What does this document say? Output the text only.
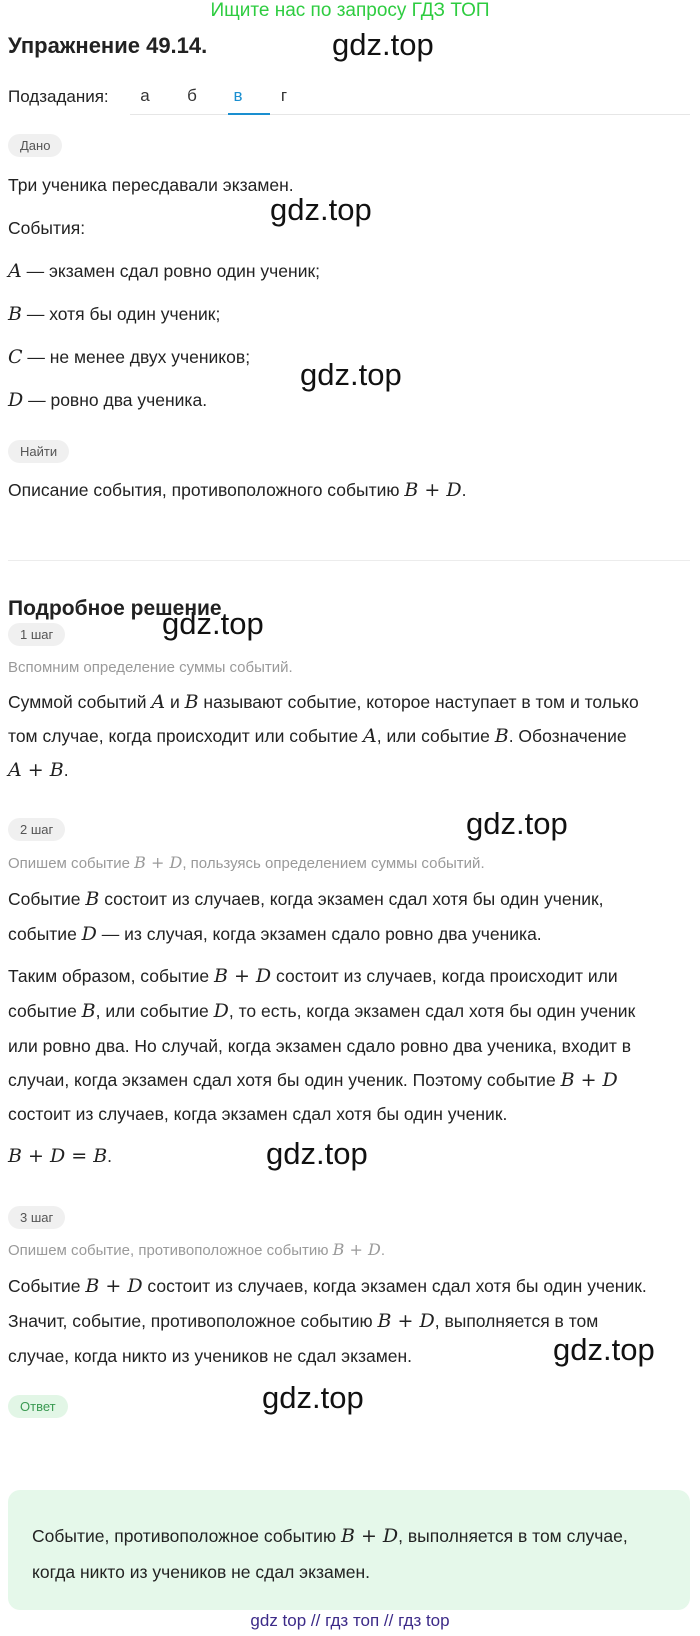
Ищите нас по запросу ГДЗ ТОП
Упражнение 49.14.	gdz.top
gdz.top
gdz.top
gdz.top
gdz.top
gdz.top
gdz.top
gdz.top
Подзадания:	а	б	в	г
Дано
Три ученика пересдавали экзамен.
События:
A — экзамен сдал ровно один ученик;
B — хотя бы один ученик;
C — не менее двух учеников;
D — ровно два ученика.
Найти
Описание события, противоположного событию B + D.
Подробное решение
1 шаг
Вспомним определение суммы событий.
Суммой событий A и B называют событие, которое наступает в том и только
том случае, когда происходит или событие A, или событие B. Обозначение
A + B.
2 шаг
Опишем событие B + D, пользуясь определением суммы событий.
Событие B состоит из случаев, когда экзамен сдал хотя бы один ученик,
событие D — из случая, когда экзамен сдало ровно два ученика.
Таким образом, событие B + D состоит из случаев, когда происходит или
событие B, или событие D, то есть, когда экзамен сдал хотя бы один ученик
или ровно два. Но случай, когда экзамен сдало ровно два ученика, входит в
случаи, когда экзамен сдал хотя бы один ученик. Поэтому событие B + D
состоит из случаев, когда экзамен сдал хотя бы один ученик.
B + D = B.
3 шаг
Опишем событие, противоположное событию B + D.
Событие B + D состоит из случаев, когда экзамен сдал хотя бы один ученик.
Значит, событие, противоположное событию B + D, выполняется в том
случае, когда никто из учеников не сдал экзамен.
Ответ
Событие, противоположное событию B + D, выполняется в том случае,
когда никто из учеников не сдал экзамен.
gdz top // гдз топ // гдз top
